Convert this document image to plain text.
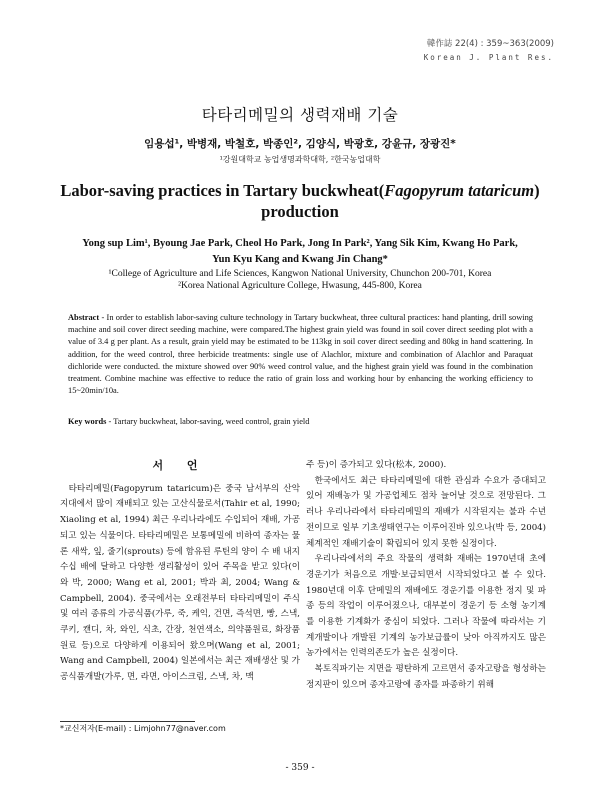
韓作誌 22(4) : 359~363(2009)
Korean J. Plant Res.
타타리메밀의 생력재배 기술
임용섭¹, 박병재, 박철호, 박종인², 김양식, 박광호, 강윤규, 장광진*
¹강원대학교 농업생명과학대학, ²한국농업대학
Labor-saving practices in Tartary buckwheat(Fagopyrum tataricum)
production
Yong sup Lim¹, Byoung Jae Park, Cheol Ho Park, Jong In Park², Yang Sik Kim, Kwang Ho Park,
Yun Kyu Kang and Kwang Jin Chang*
¹College of Agriculture and Life Sciences, Kangwon National University, Chunchon 200-701, Korea
²Korea National Agriculture College, Hwasung, 445-800, Korea
Abstract - In order to establish labor-saving culture technology in Tartary buckwheat, three cultural practices: hand planting, drill sowing machine and soil cover direct seeding machine, were compared.The highest grain yield was found in soil cover direct seeding plot with a value of 3.4 g per plant. As a result, grain yield may be estimated to be 113kg in soil cover direct seeding and 80kg in hand scattering. In addition, for the weed control, three herbicide treatments: single use of Alachlor, mixture and combination of Alachlor and Paraquat dichloride were conducted. the mixture showed over 90% weed control value, and the highest grain yield was found in the combination treatment. Combine machine was effective to reduce the ratio of grain loss and working hour by enhancing the working efficiency to 15~20min/10a.
Key words - Tartary buckwheat, labor-saving, weed control, grain yield
서 언

타타리메밀(Fagopyrum tataricum)은 중국 남서부의 산악지대에서 많이 재배되고 있는 고산식물로서(Tahir et al, 1990; Xiaoling et al, 1994) 최근 우리나라에도 수입되어 재배, 가공되고 있는 식물이다. 타타리메밀은 보통메밀에 비하여 종자는 물론 새싹, 잎, 줄기(sprouts) 등에 함유된 루틴의 양이 수 배 내지 수십 배에 달하고 다양한 생리활성이 있어 주목을 받고 있다(이와 박, 2000; Wang et al, 2001; 박과 최, 2004; Wang & Campbell, 2004). 중국에서는 오래전부터 타타리메밀이 주식 및 여러 종류의 가공식품(가루, 죽, 케익, 건면, 즉석면, 빵, 스낵, 쿠키, 캔디, 차, 와인, 식초, 간장, 천연색소, 의약품원료, 화장품원료 등)으로 다양하게 이용되어 왔으며(Wang et al, 2001; Wang and Campbell, 2004) 일본에서는 최근 재배생산 및 가공식품개발(가루, 면, 라면, 아이스크림, 스낵, 차, 맥

주 등)이 증가되고 있다(松本, 2000).

한국에서도 최근 타타리메밀에 대한 관심과 수요가 증대되고 있어 재배농가 및 가공업체도 점차 늘어날 것으로 전망된다. 그러나 우리나라에서 타타리메밀의 재배가 시작된지는 불과 수년 전이므로 일부 기초생태연구는 이루어진바 있으나(박 등, 2004) 체계적인 재배기술이 확립되어 있지 못한 실정이다.

우리나라에서의 주요 작물의 생력화 재배는 1970년대 초에 경운기가 처음으로 개발·보급되면서 시작되었다고 볼 수 있다. 1980년대 이후 단메밀의 재배에도 경운기를 이용한 정지 및 파종 등의 작업이 이루어졌으나, 대부분이 경운기 등 소형 농기계를 이용한 기계화가 중심이 되었다. 그러나 작물에 따라서는 기계개발이나 개발된 기계의 농가보급률이 낮아 아직까지도 많은 농가에서는 인력의존도가 높은 실정이다.

복토직파기는 지면을 평탄하게 고르면서 종자고랑을 형성하는 정지판이 있으며 종자고랑에 종자를 파종하기 위해

*교신저자(E-mail) : Limjohn77@naver.com
- 359 -
